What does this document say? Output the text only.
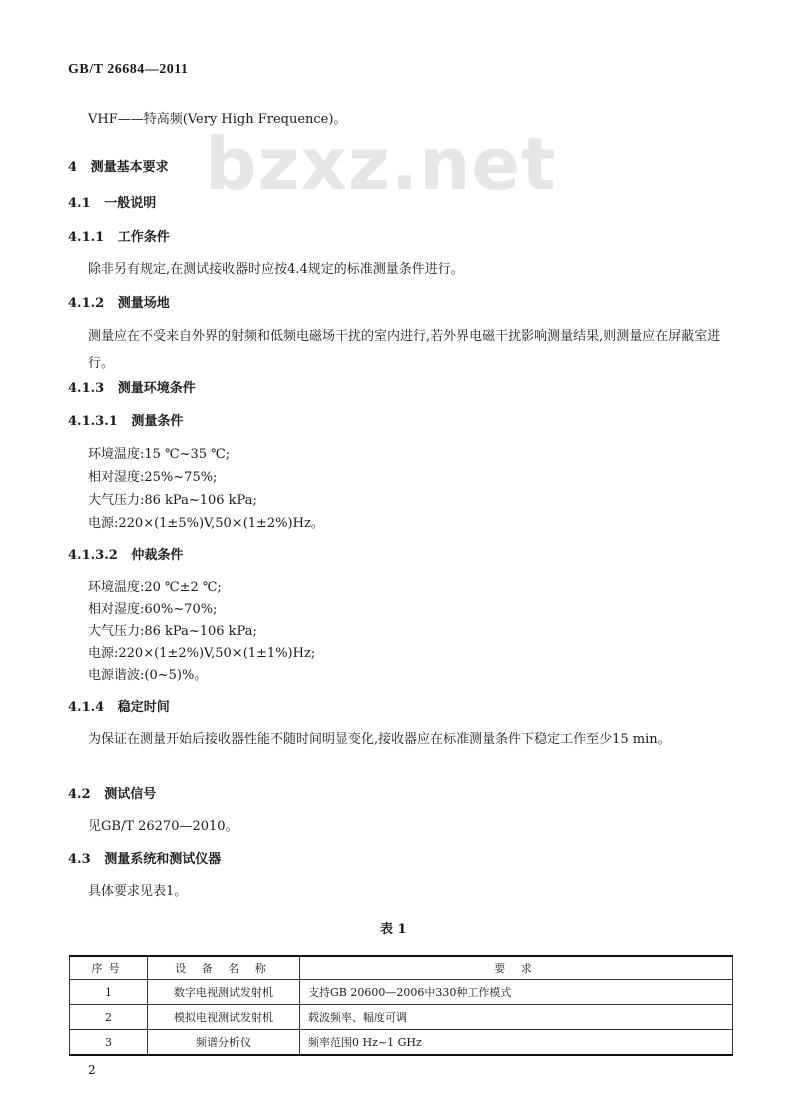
GB/T 26684—2011
bzxz.net
VHF——特高频(Very High Frequence)。
4 测量基本要求
4.1 一般说明
4.1.1 工作条件
除非另有规定,在测试接收器时应按4.4规定的标准测量条件进行。
4.1.2 测量场地
测量应在不受来自外界的射频和低频电磁场干扰的室内进行,若外界电磁干扰影响测量结果,则测量应在屏蔽室进行。
4.1.3 测量环境条件
4.1.3.1 测量条件
环境温度:15 ℃~35 ℃;
相对湿度:25%~75%;
大气压力:86 kPa~106 kPa;
电源:220×(1±5%)V,50×(1±2%)Hz。
4.1.3.2 仲裁条件
环境温度:20 ℃±2 ℃;
相对湿度:60%~70%;
大气压力:86 kPa~106 kPa;
电源:220×(1±2%)V,50×(1±1%)Hz;
电源谐波:(0~5)%。
4.1.4 稳定时间
为保证在测量开始后接收器性能不随时间明显变化,接收器应在标准测量条件下稳定工作至少15 min。
4.2 测试信号
见GB/T 26270—2010。
4.3 测量系统和测试仪器
具体要求见表1。
表 1
序号	设 备 名 称	要 求
1	数字电视测试发射机	支持GB 20600—2006中330种工作模式
2	模拟电视测试发射机	载波频率、幅度可调
3	频谱分析仪	频率范围0 Hz~1 GHz
2
